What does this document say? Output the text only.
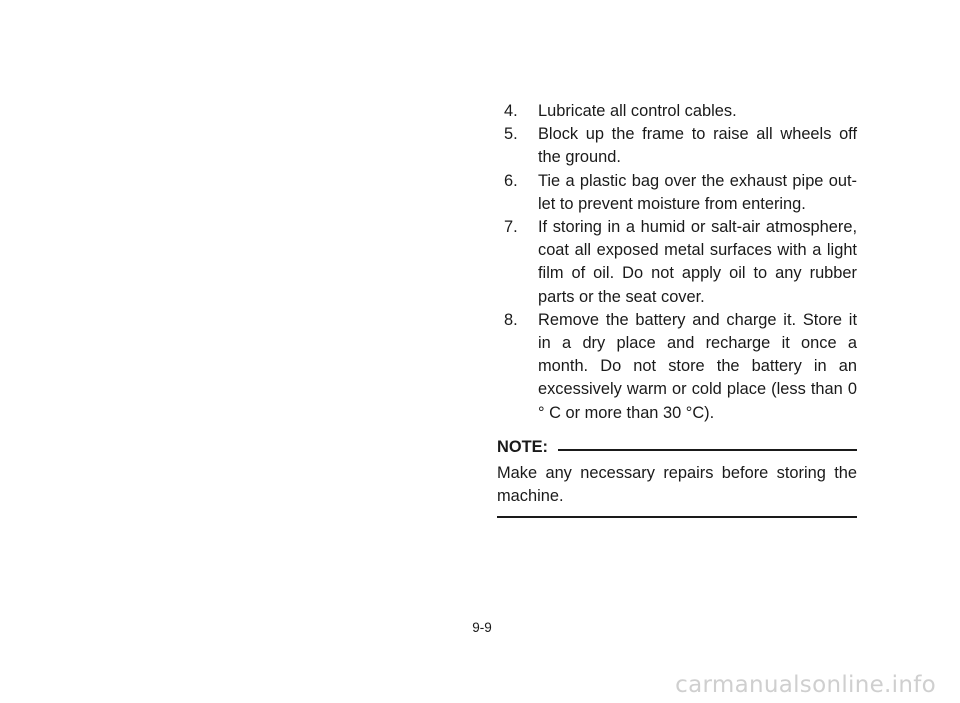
4.	Lubricate all control cables.
5.	Block up the frame to raise all wheels off the ground.
6.	Tie a plastic bag over the exhaust pipe out-let to prevent moisture from entering.
7.	If storing in a humid or salt-air atmosphere, coat all exposed metal surfaces with a light film of oil. Do not apply oil to any rubber parts or the seat cover.
8.	Remove the battery and charge it. Store it in a dry place and recharge it once a month. Do not store the battery in an excessively warm or cold place (less than 0 ° C or more than 30 °C).
NOTE:
Make any necessary repairs before storing the machine.
9-9
carmanualsonline.info
